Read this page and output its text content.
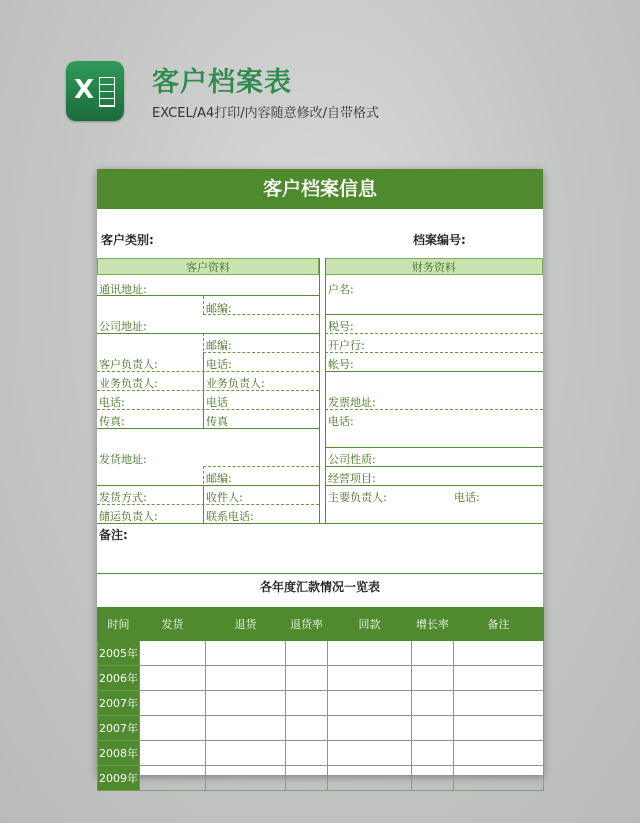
X 客户档案表
EXCEL/A4打印/内容随意修改/自带格式
客户档案信息
客户类别:	档案编号:
客户资料	财务资料
通讯地址:
邮编:
公司地址:
邮编:
客户负责人:	电话:
业务负责人:	业务负责人:
电话:	电话
传真:	传真
发货地址:
邮编:
发货方式:	收件人:
储运负责人:	联系电话:
户名:
税号:
开户行:
帐号:
发票地址:
电话:
公司性质:
经营项目:
主要负责人:	电话:
备注:
各年度汇款情况一览表
时间	发货	退货	退货率	回款	增长率	备注
2005年						
2006年						
2007年						
2007年						
2008年						
2009年						
